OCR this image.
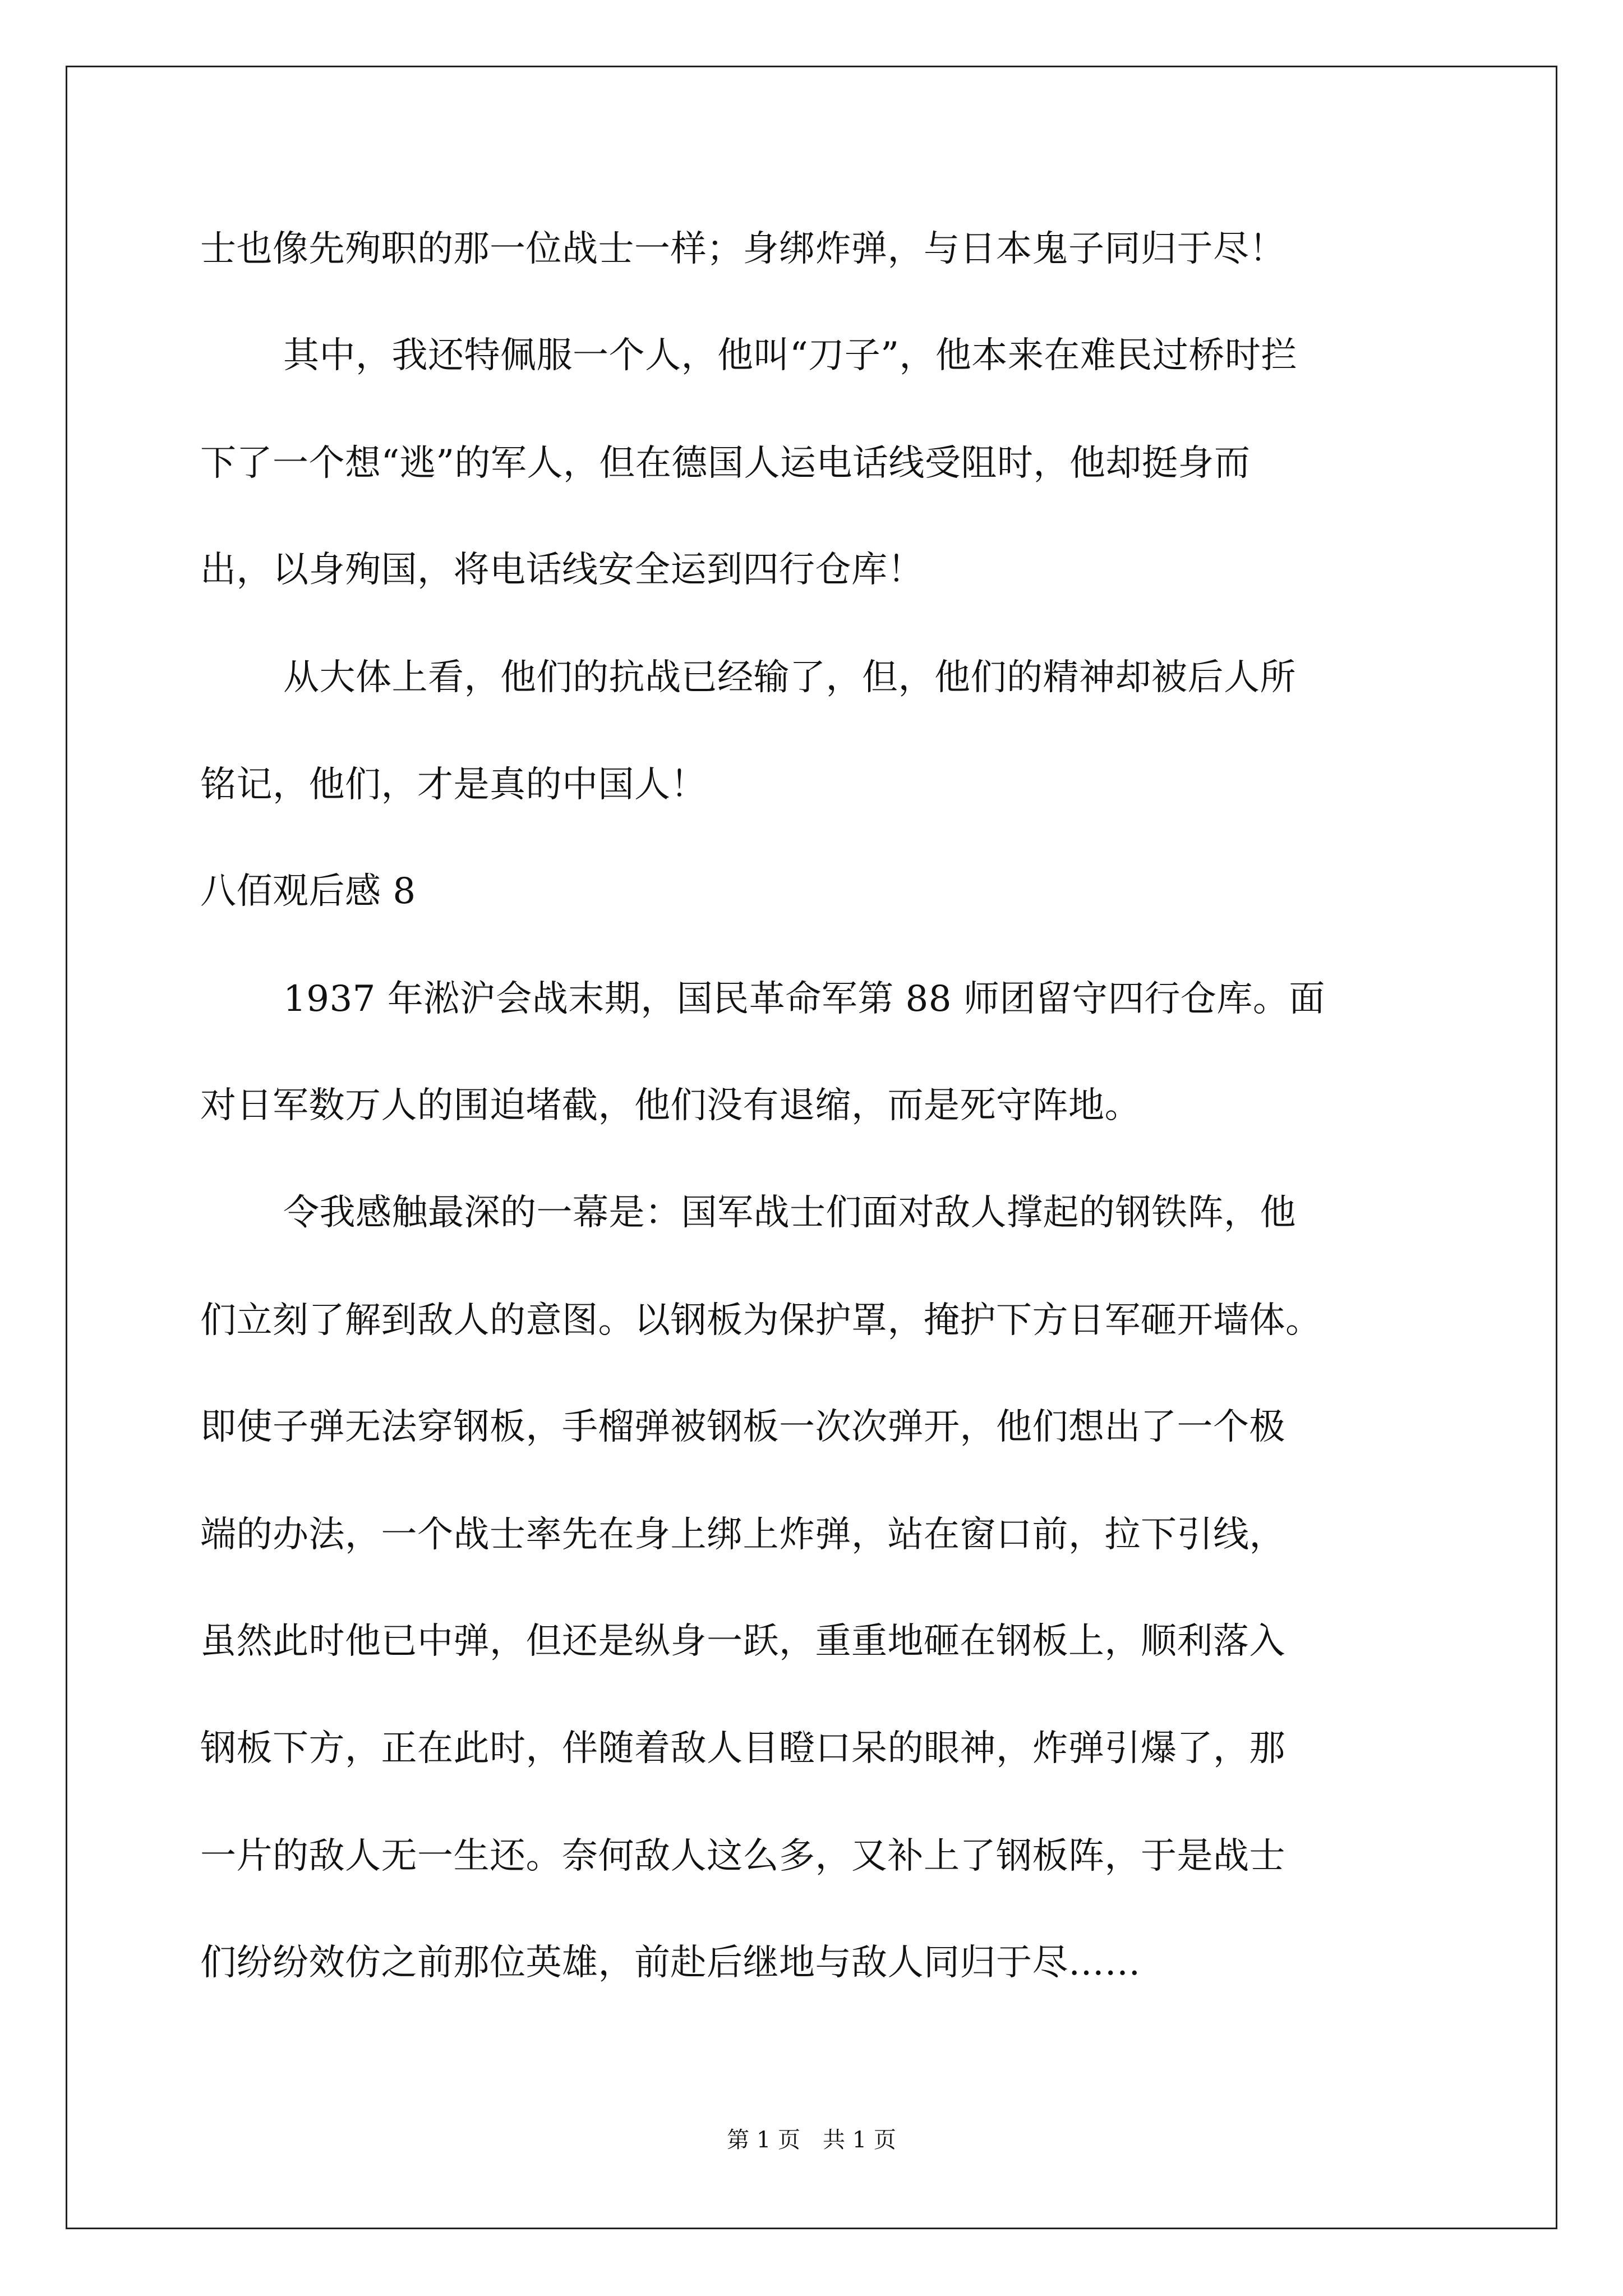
士也像先殉职的那一位战士一样；身绑炸弹，与日本鬼子同归于尽！
其中，我还特佩服一个人，他叫“刀子”，他本来在难民过桥时拦
下了一个想“逃”的军人，但在德国人运电话线受阻时，他却挺身而
出，以身殉国，将电话线安全运到四行仓库！
从大体上看，他们的抗战已经输了，但，他们的精神却被后人所
铭记，他们，才是真的中国人！
八佰观后感 8
1937 年淞沪会战末期，国民革命军第 88 师团留守四行仓库。面
对日军数万人的围迫堵截，他们没有退缩，而是死守阵地。
令我感触最深的一幕是：国军战士们面对敌人撑起的钢铁阵，他
们立刻了解到敌人的意图。以钢板为保护罩，掩护下方日军砸开墙体。
即使子弹无法穿钢板，手榴弹被钢板一次次弹开，他们想出了一个极
端的办法，一个战士率先在身上绑上炸弹，站在窗口前，拉下引线，
虽然此时他已中弹，但还是纵身一跃，重重地砸在钢板上，顺利落入
钢板下方，正在此时，伴随着敌人目瞪口呆的眼神，炸弹引爆了，那
一片的敌人无一生还。奈何敌人这么多，又补上了钢板阵，于是战士
们纷纷效仿之前那位英雄，前赴后继地与敌人同归于尽……
第 1 页 共 1 页
